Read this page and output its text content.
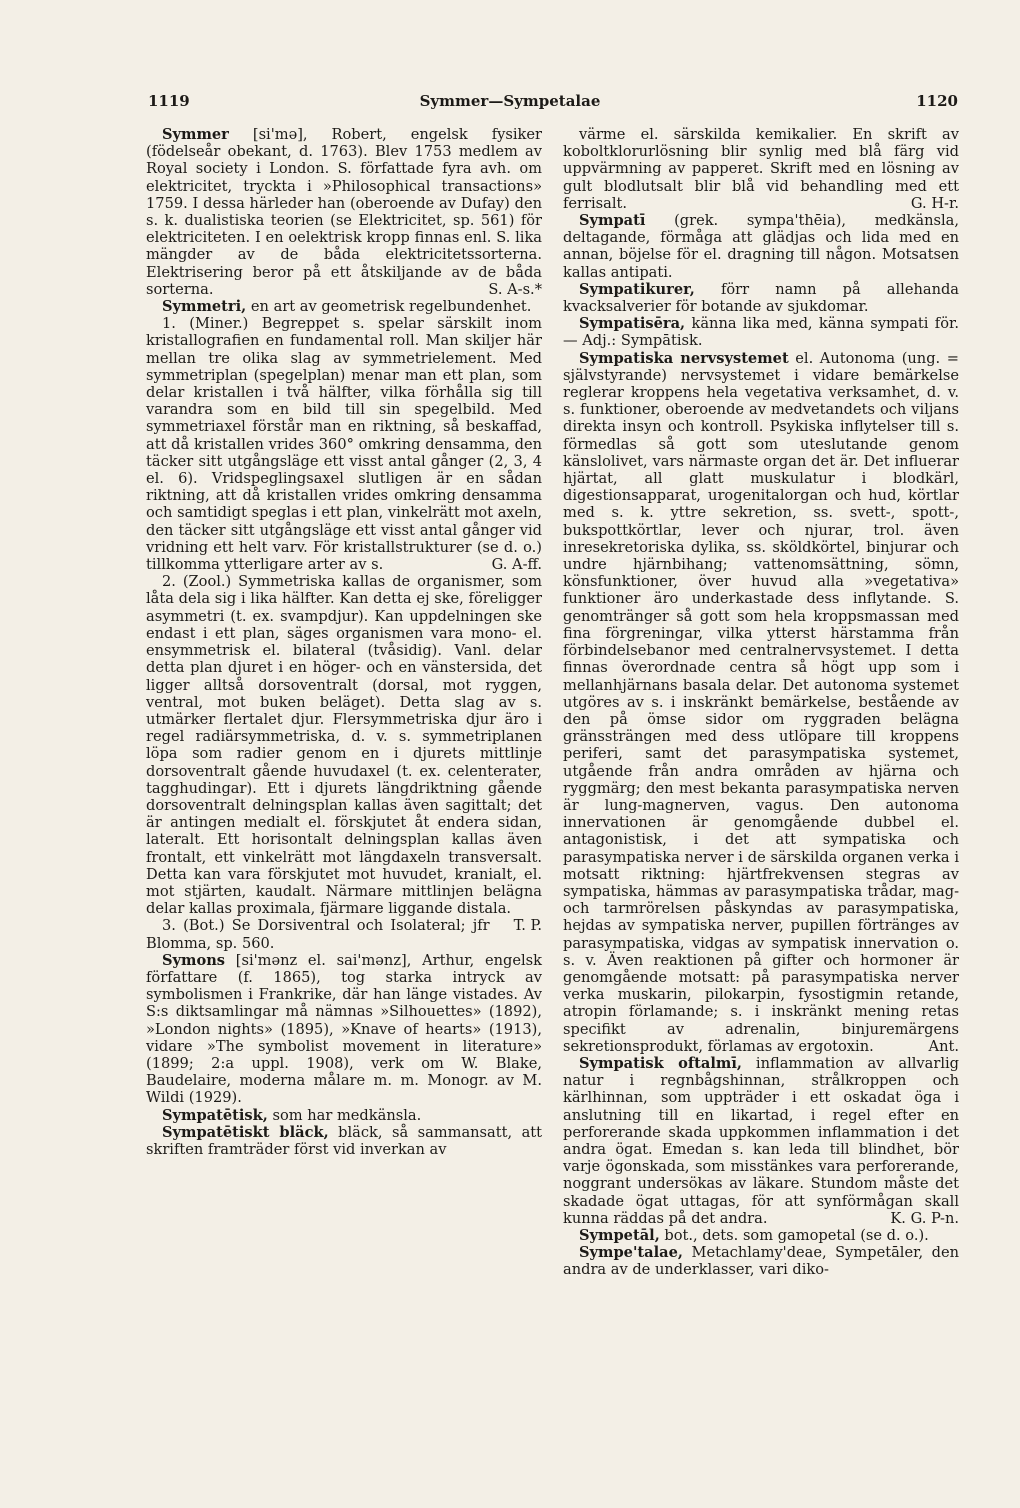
1119	Symmer—Sympetalae	1120

Symmer [si'mə], Robert, engelsk fysiker (födelseår obekant, d. 1763). Blev 1753 medlem av Royal society i London. S. författade fyra avh. om elektricitet, tryckta i »Philosophical transactions» 1759. I dessa härleder han (oberoende av Dufay) den s. k. dualistiska teorien (se Elektricitet, sp. 561) för elektriciteten. I en oelektrisk kropp finnas enl. S. lika mängder av de båda elektricitetssorterna. Elektrisering beror på ett åtskiljande av de båda sorterna.	S. A-s.*

Symmetri, en art av geometrisk regelbundenhet.

1. (Miner.) Begreppet s. spelar särskilt inom kristallografien en fundamental roll. Man skiljer här mellan tre olika slag av symmetrielement. Med symmetriplan (spegelplan) menar man ett plan, som delar kristallen i två hälfter, vilka förhålla sig till varandra som en bild till sin spegelbild. Med symmetriaxel förstår man en riktning, så beskaffad, att då kristallen vrides 360° omkring densamma, den täcker sitt utgångsläge ett visst antal gånger (2, 3, 4 el. 6). Vridspeglingsaxel slutligen är en sådan riktning, att då kristallen vrides omkring densamma och samtidigt speglas i ett plan, vinkelrätt mot axeln, den täcker sitt utgångsläge ett visst antal gånger vid vridning ett helt varv. För kristallstrukturer (se d. o.) tillkomma ytterligare arter av s.	G. A-ff.

2. (Zool.) Symmetriska kallas de organismer, som låta dela sig i lika hälfter. Kan detta ej ske, föreligger asymmetri (t. ex. svampdjur). Kan uppdelningen ske endast i ett plan, säges organismen vara mono- el. ensymmetrisk el. bilateral (tvåsidig). Vanl. delar detta plan djuret i en höger- och en vänstersida, det ligger alltså dorsoventralt (dorsal, mot ryggen, ventral, mot buken beläget). Detta slag av s. utmärker flertalet djur. Flersymmetriska djur äro i regel radiärsymmetriska, d. v. s. symmetriplanen löpa som radier genom en i djurets mittlinje dorsoventralt gående huvudaxel (t. ex. celenterater, tagghudingar). Ett i djurets längdriktning gående dorsoventralt delningsplan kallas även sagittalt; det är antingen medialt el. förskjutet åt endera sidan, lateralt. Ett horisontalt delningsplan kallas även frontalt, ett vinkelrätt mot längdaxeln transversalt. Detta kan vara förskjutet mot huvudet, kranialt, el. mot stjärten, kaudalt. Närmare mittlinjen belägna delar kallas proximala, fjärmare liggande distala.
T. P.

3. (Bot.) Se Dorsiventral och Isolateral; jfr Blomma, sp. 560.

Symons [si'mənz el. sai'mənz], Arthur, engelsk författare (f. 1865), tog starka intryck av symbolismen i Frankrike, där han länge vistades. Av S:s diktsamlingar må nämnas »Silhouettes» (1892), »London nights» (1895), »Knave of hearts» (1913), vidare »The symbolist movement in literature» (1899; 2:a uppl. 1908), verk om W. Blake, Baudelaire, moderna målare m. m. Monogr. av M. Wildi (1929).

Sympatētisk, som har medkänsla.

Sympatētiskt bläck, bläck, så sammansatt, att skriften framträder först vid inverkan av

värme el. särskilda kemikalier. En skrift av koboltklorurlösning blir synlig med blå färg vid uppvärmning av papperet. Skrift med en lösning av gult blodlutsalt blir blå vid behandling med ett ferrisalt.	G. H-r.

Sympatī (grek. sympa'thēia), medkänsla, deltagande, förmåga att glädjas och lida med en annan, böjelse för el. dragning till någon. Motsatsen kallas antipati.

Sympatikurer, förr namn på allehanda kvacksalverier för botande av sjukdomar.

Sympatisēra, känna lika med, känna sympati för. — Adj.: Sympātisk.

Sympatiska nervsystemet el. Autonoma (ung. = självstyrande) nervsystemet i vidare bemärkelse reglerar kroppens hela vegetativa verksamhet, d. v. s. funktioner, oberoende av medvetandets och viljans direkta insyn och kontroll. Psykiska inflytelser till s. förmedlas så gott som uteslutande genom känslolivet, vars närmaste organ det är. Det influerar hjärtat, all glatt muskulatur i blodkärl, digestionsapparat, urogenitalorgan och hud, körtlar med s. k. yttre sekretion, ss. svett-, spott-, bukspottkörtlar, lever och njurar, trol. även inresekretoriska dylika, ss. sköldkörtel, binjurar och undre hjärnbihang; vattenomsättning, sömn, könsfunktioner, över huvud alla »vegetativa» funktioner äro underkastade dess inflytande. S. genomtränger så gott som hela kroppsmassan med fina förgreningar, vilka ytterst härstamma från förbindelsebanor med centralnervsystemet. I detta finnas överordnade centra så högt upp som i mellanhjärnans basala delar. Det autonoma systemet utgöres av s. i inskränkt bemärkelse, bestående av den på ömse sidor om ryggraden belägna gränssträngen med dess utlöpare till kroppens periferi, samt det parasympatiska systemet, utgående från andra områden av hjärna och ryggmärg; den mest bekanta parasympatiska nerven är lung-magnerven, vagus. Den autonoma innervationen är genomgående dubbel el. antagonistisk, i det att sympatiska och parasympatiska nerver i de särskilda organen verka i motsatt riktning: hjärtfrekvensen stegras av sympatiska, hämmas av parasympatiska trådar, mag- och tarmrörelsen påskyndas av parasympatiska, hejdas av sympatiska nerver, pupillen förtränges av parasympatiska, vidgas av sympatisk innervation o. s. v. Även reaktionen på gifter och hormoner är genomgående motsatt: på parasympatiska nerver verka muskarin, pilokarpin, fysostigmin retande, atropin förlamande; s. i inskränkt mening retas specifikt av adrenalin, binjuremärgens sekretionsprodukt, förlamas av ergotoxin.	Ant.

Sympatisk oftalmī, inflammation av allvarlig natur i regnbågshinnan, strålkroppen och kärlhinnan, som uppträder i ett oskadat öga i anslutning till en likartad, i regel efter en perforerande skada uppkommen inflammation i det andra ögat. Emedan s. kan leda till blindhet, bör varje ögonskada, som misstänkes vara perforerande, noggrant undersökas av läkare. Stundom måste det skadade ögat uttagas, för att synförmågan skall kunna räddas på det andra.	K. G. P-n.

Sympetāl, bot., dets. som gamopetal (se d. o.).

Sympe'talae, Metachlamy'deae, Sympetāler, den andra av de underklasser, vari diko-
